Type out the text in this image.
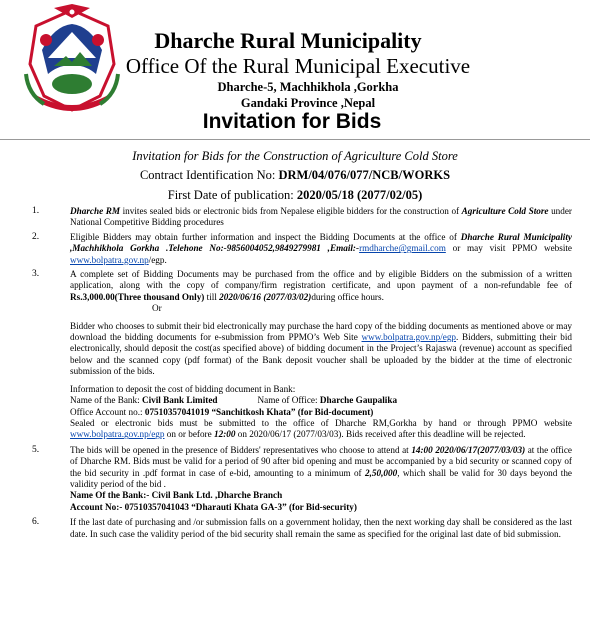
Dharche Rural Municipality
Office Of the Rural Municipal Executive
Dharche-5, Machhikhola ,Gorkha
Gandaki Province ,Nepal
Invitation for Bids
Invitation for Bids for the Construction of Agriculture Cold Store
Contract Identification No: DRM/04/076/077/NCB/WORKS
First Date of publication: 2020/05/18 (2077/02/05)
1.	Dharche RM invites sealed bids or electronic bids from Nepalese eligible bidders for the construction of Agriculture Cold Store under National Competitive Bidding procedures

2.	Eligible Bidders may obtain further information and inspect the Bidding Documents at the office of Dharche Rural Municipality ,Machhikhola Gorkha .Telehone No:-9856004052,9849279981 ,Email:-rmdharche@gmail.com or may visit PPMO website www.bolpatra.gov.np/egp.

3.	A complete set of Bidding Documents may be purchased from the office and by eligible Bidders on the submission of a written application, along with the copy of company/firm registration certificate, and upon payment of a non-refundable fee of Rs.3,000.00(Three thousand Only) till 2020/06/16 (2077/03/02)during office hours.

Or

Bidder who chooses to submit their bid electronically may purchase the hard copy of the bidding documents as mentioned above or may download the bidding documents for e-submission from PPMO’s Web Site www.bolpatra.gov.np/egp. Bidders, submitting their bid electronically, should deposit the cost(as specified above) of bidding document in the Project’s Rajaswa (revenue) account as specified below and the scanned copy (pdf format) of the Bank deposit voucher shall be uploaded by the bidder at the time of electronic submission of the bids.

Information to deposit the cost of bidding document in Bank:

Name of the Bank: Civil Bank Limited	Name of Office: Dharche Gaupalika

Office Account no.: 07510357041019 “Sanchitkosh Khata” (for Bid-document)

Sealed or electronic bids must be submitted to the office of Dharche RM,Gorkha by hand or through PPMO website www.bolpatra.gov.np/egp on or before 12:00 on 2020/06/17 (2077/03/03). Bids received after this deadline will be rejected.

5.	The bids will be opened in the presence of Bidders' representatives who choose to attend at 14:00 2020/06/17(2077/03/03) at the office of Dharche RM. Bids must be valid for a period of 90 after bid opening and must be accompanied by a bid security or scanned copy of the bid security in .pdf format in case of e-bid, amounting to a minimum of 2,50,000, which shall be valid for 30 days beyond the validity period of the bid .

Name Of the Bank:- Civil Bank Ltd. ,Dharche Branch

Account No:- 07510357041043 “Dharauti Khata GA-3” (for Bid-security)

6.	If the last date of purchasing and /or submission falls on a government holiday, then the next working day shall be considered as the last date. In such case the validity period of the bid security shall remain the same as specified for the original last date of bid submission.
